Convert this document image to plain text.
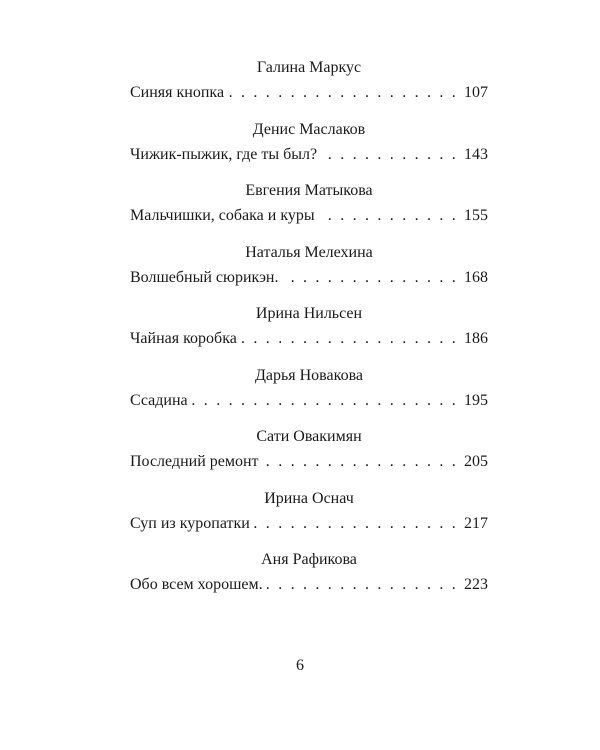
Галина Маркус
Синяя кнопка . . .	107
Денис Маслаков
Чижик-пыжик, где ты был? . . .	143
Евгения Матыкова
Мальчишки, собака и куры . . .	155
Наталья Мелехина
Волшебный сюрикэн. . . .	168
Ирина Нильсен
Чайная коробка . . .	186
Дарья Новакова
Ссадина . . .	195
Сати Овакимян
Последний ремонт . . .	205
Ирина Оснач
Суп из куропатки . . .	217
Аня Рафикова
Обо всем хорошем. . . .	223
6
